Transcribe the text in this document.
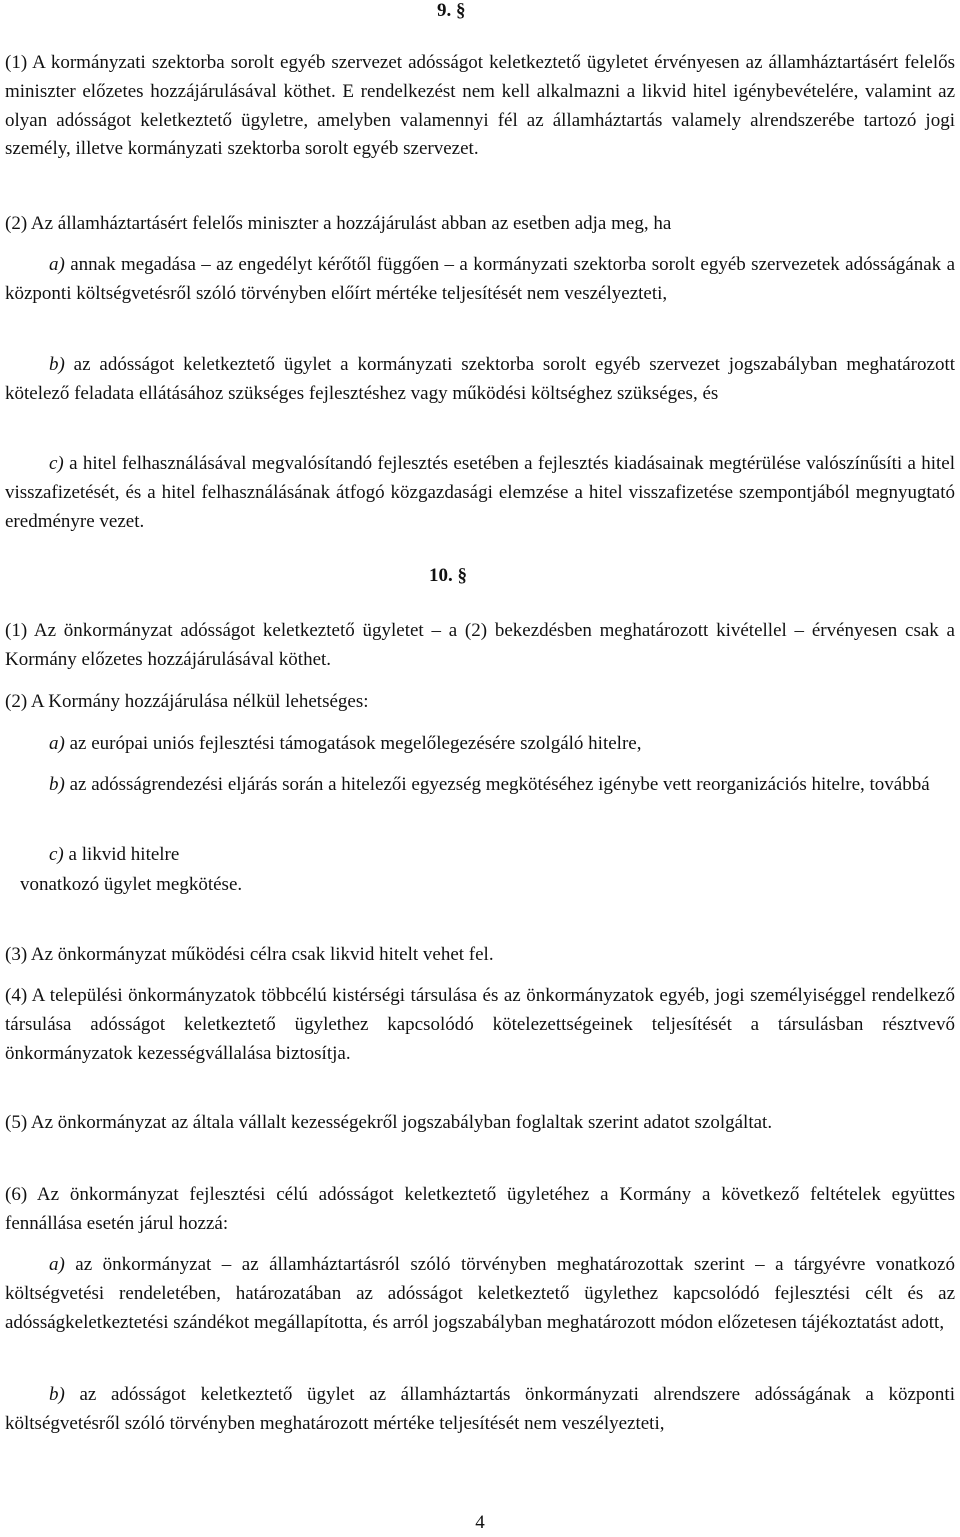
9. §
(1) A kormányzati szektorba sorolt egyéb szervezet adósságot keletkeztető ügyletet érvényesen az államháztartásért felelős miniszter előzetes hozzájárulásával köthet. E rendelkezést nem kell alkalmazni a likvid hitel igénybevételére, valamint az olyan adósságot keletkeztető ügyletre, amelyben valamennyi fél az államháztartás valamely alrendszerébe tartozó jogi személy, illetve kormányzati szektorba sorolt egyéb szervezet.
(2) Az államháztartásért felelős miniszter a hozzájárulást abban az esetben adja meg, ha
a) annak megadása – az engedélyt kérőtől függően – a kormányzati szektorba sorolt egyéb szervezetek adósságának a központi költségvetésről szóló törvényben előírt mértéke teljesítését nem veszélyezteti,
b) az adósságot keletkeztető ügylet a kormányzati szektorba sorolt egyéb szervezet jogszabályban meghatározott kötelező feladata ellátásához szükséges fejlesztéshez vagy működési költséghez szükséges, és
c) a hitel felhasználásával megvalósítandó fejlesztés esetében a fejlesztés kiadásainak megtérülése valószínűsíti a hitel visszafizetését, és a hitel felhasználásának átfogó közgazdasági elemzése a hitel visszafizetése szempontjából megnyugtató eredményre vezet.
10. §
(1) Az önkormányzat adósságot keletkeztető ügyletet – a (2) bekezdésben meghatározott kivétellel – érvényesen csak a Kormány előzetes hozzájárulásával köthet.
(2) A Kormány hozzájárulása nélkül lehetséges:
a) az európai uniós fejlesztési támogatások megelőlegezésére szolgáló hitelre,
b) az adósságrendezési eljárás során a hitelezői egyezség megkötéséhez igénybe vett reorganizációs hitelre, továbbá
c) a likvid hitelre
vonatkozó ügylet megkötése.
(3) Az önkormányzat működési célra csak likvid hitelt vehet fel.
(4) A települési önkormányzatok többcélú kistérségi társulása és az önkormányzatok egyéb, jogi személyiséggel rendelkező társulása adósságot keletkeztető ügylethez kapcsolódó kötelezettségeinek teljesítését a társulásban résztvevő önkormányzatok kezességvállalása biztosítja.
(5) Az önkormányzat az általa vállalt kezességekről jogszabályban foglaltak szerint adatot szolgáltat.
(6) Az önkormányzat fejlesztési célú adósságot keletkeztető ügyletéhez a Kormány a következő feltételek együttes fennállása esetén járul hozzá:
a) az önkormányzat – az államháztartásról szóló törvényben meghatározottak szerint – a tárgyévre vonatkozó költségvetési rendeletében, határozatában az adósságot keletkeztető ügylethez kapcsolódó fejlesztési célt és az adósságkeletkeztetési szándékot megállapította, és arról jogszabályban meghatározott módon előzetesen tájékoztatást adott,
b) az adósságot keletkeztető ügylet az államháztartás önkormányzati alrendszere adósságának a központi költségvetésről szóló törvényben meghatározott mértéke teljesítését nem veszélyezteti,
4
